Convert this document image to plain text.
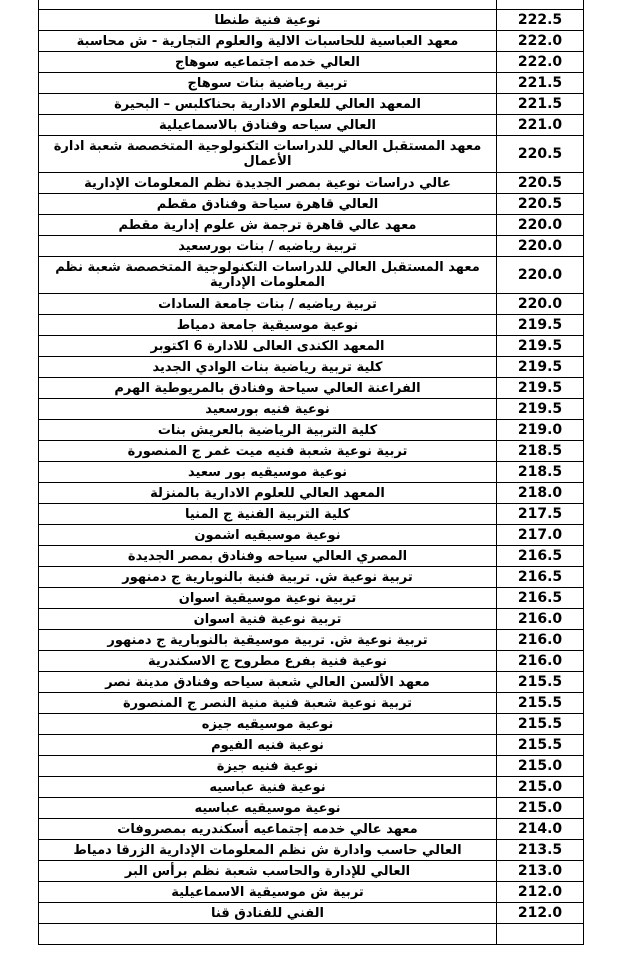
نوعية فنية طنطا	222.5
معهد العباسية للحاسبات الالية والعلوم التجارية - ش محاسبة	222.0
العالي خدمه اجتماعيه سوهاج	222.0
تربية رياضية بنات سوهاج	221.5
المعهد العالي للعلوم الادارية بحناكلبس – البحيرة	221.5
العالي سياحه وفنادق بالاسماعيلية	221.0
معهد المستقبل العالي للدراسات التكنولوجية المتخصصة شعبة ادارة الأعمال	220.5
عالي دراسات نوعية بمصر الجديدة نظم المعلومات الإدارية	220.5
العالي قاهرة سياحة وفنادق مقطم	220.5
معهد عالي قاهرة ترجمة ش علوم إدارية مقطم	220.0
تربية رياضيه / بنات بورسعيد	220.0
معهد المستقبل العالي للدراسات التكنولوجية المتخصصة شعبة نظم المعلومات الإدارية	220.0
تربية رياضيه / بنات جامعة السادات	220.0
نوعية موسيقية جامعة دمياط	219.5
المعهد الكندى العالى للادارة 6 اكتوبر	219.5
كلية تربية رياضية بنات الوادي الجديد	219.5
الفراعنة العالي سياحة وفنادق بالمريوطية الهرم	219.5
نوعية فنيه بورسعيد	219.5
كلية التربية الرياضية بالعريش بنات	219.0
تربية نوعية شعبة فنيه ميت غمر ج المنصورة	218.5
نوعية موسيقيه بور سعيد	218.5
المعهد العالي للعلوم الادارية بالمنزلة	218.0
كلية التربية الفنية ج المنيا	217.5
نوعية موسيقيه اشمون	217.0
المصري العالي سياحه وفنادق بمصر الجديدة	216.5
تربية نوعية ش. تربية فنية بالنوبارية ج دمنهور	216.5
تربية نوعية موسيقية اسوان	216.5
تربية نوعية فنية اسوان	216.0
تربية نوعية ش. تربية موسيقية بالنوبارية ج دمنهور	216.0
نوعية فنية بفرع مطروح ج الاسكندرية	216.0
معهد الألسن العالي شعبة سياحه وفنادق مدينة نصر	215.5
تربية نوعية شعبة فنية منية النصر ج المنصورة	215.5
نوعية موسيقيه جيزه	215.5
نوعية فنيه الفيوم	215.5
نوعية فنيه جيزة	215.0
نوعية فنية عباسيه	215.0
نوعية موسيقيه عباسيه	215.0
معهد عالي خدمه إجتماعيه أسكندريه بمصروفات	214.0
العالي حاسب وادارة ش نظم المعلومات الإدارية الزرقا دمياط	213.5
العالي للإدارة والحاسب شعبة نظم برأس البر	213.0
تربية ش موسيقية الاسماعيلية	212.0
الفني للفنادق قنا	212.0
